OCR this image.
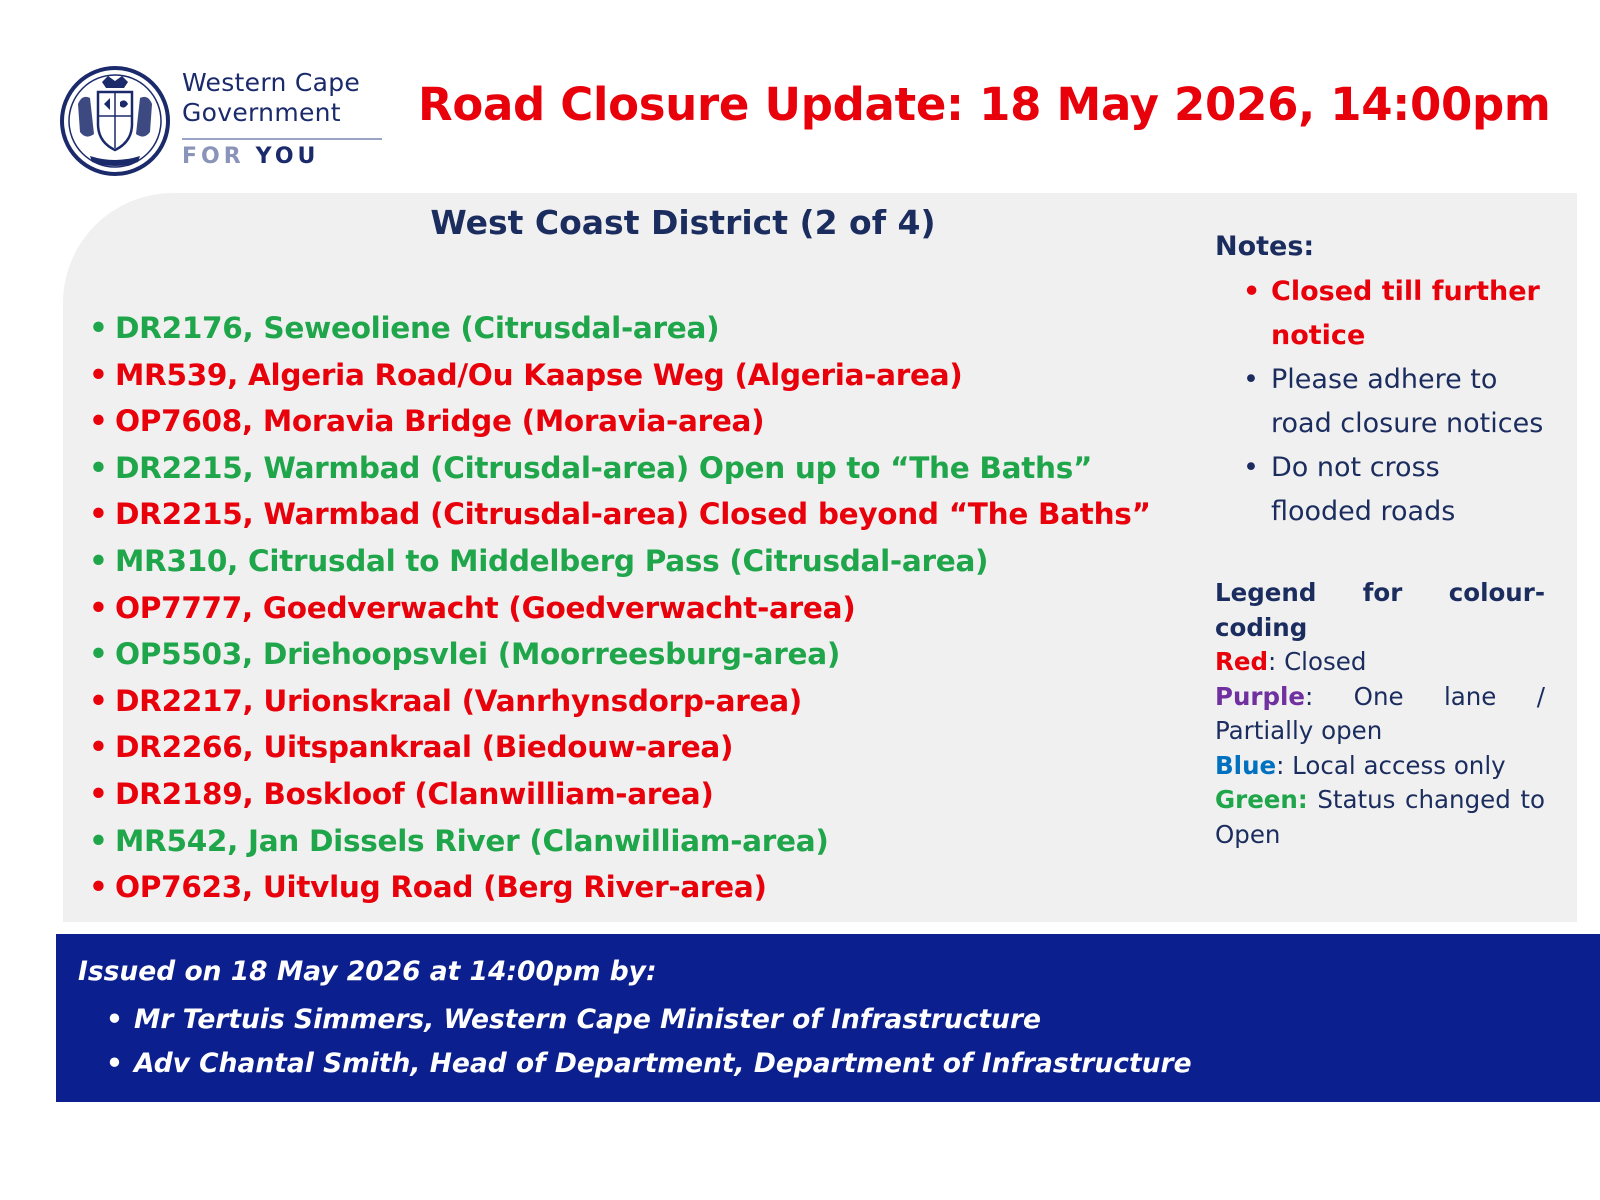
Western Cape
Government
FOR YOU
Road Closure Update: 18 May 2026, 14:00pm
West Coast District (2 of 4)
• DR2176, Seweoliene (Citrusdal-area)
• MR539, Algeria Road/Ou Kaapse Weg (Algeria-area)
• OP7608, Moravia Bridge (Moravia-area)
• DR2215, Warmbad (Citrusdal-area) Open up to “The Baths”
• DR2215, Warmbad (Citrusdal-area) Closed beyond “The Baths”
• MR310, Citrusdal to Middelberg Pass (Citrusdal-area)
• OP7777, Goedverwacht (Goedverwacht-area)
• OP5503, Driehoopsvlei (Moorreesburg-area)
• DR2217, Urionskraal (Vanrhynsdorp-area)
• DR2266, Uitspankraal (Biedouw-area)
• DR2189, Boskloof (Clanwilliam-area)
• MR542, Jan Dissels River (Clanwilliam-area)
• OP7623, Uitvlug Road (Berg River-area)
Notes:
• Closed till further notice
• Please adhere to road closure notices
• Do not cross flooded roads
Legend for colour-coding
Red: Closed
Purple: One lane / Partially open
Blue: Local access only
Green: Status changed to Open
Issued on 18 May 2026 at 14:00pm by:
• Mr Tertuis Simmers, Western Cape Minister of Infrastructure
• Adv Chantal Smith, Head of Department, Department of Infrastructure
